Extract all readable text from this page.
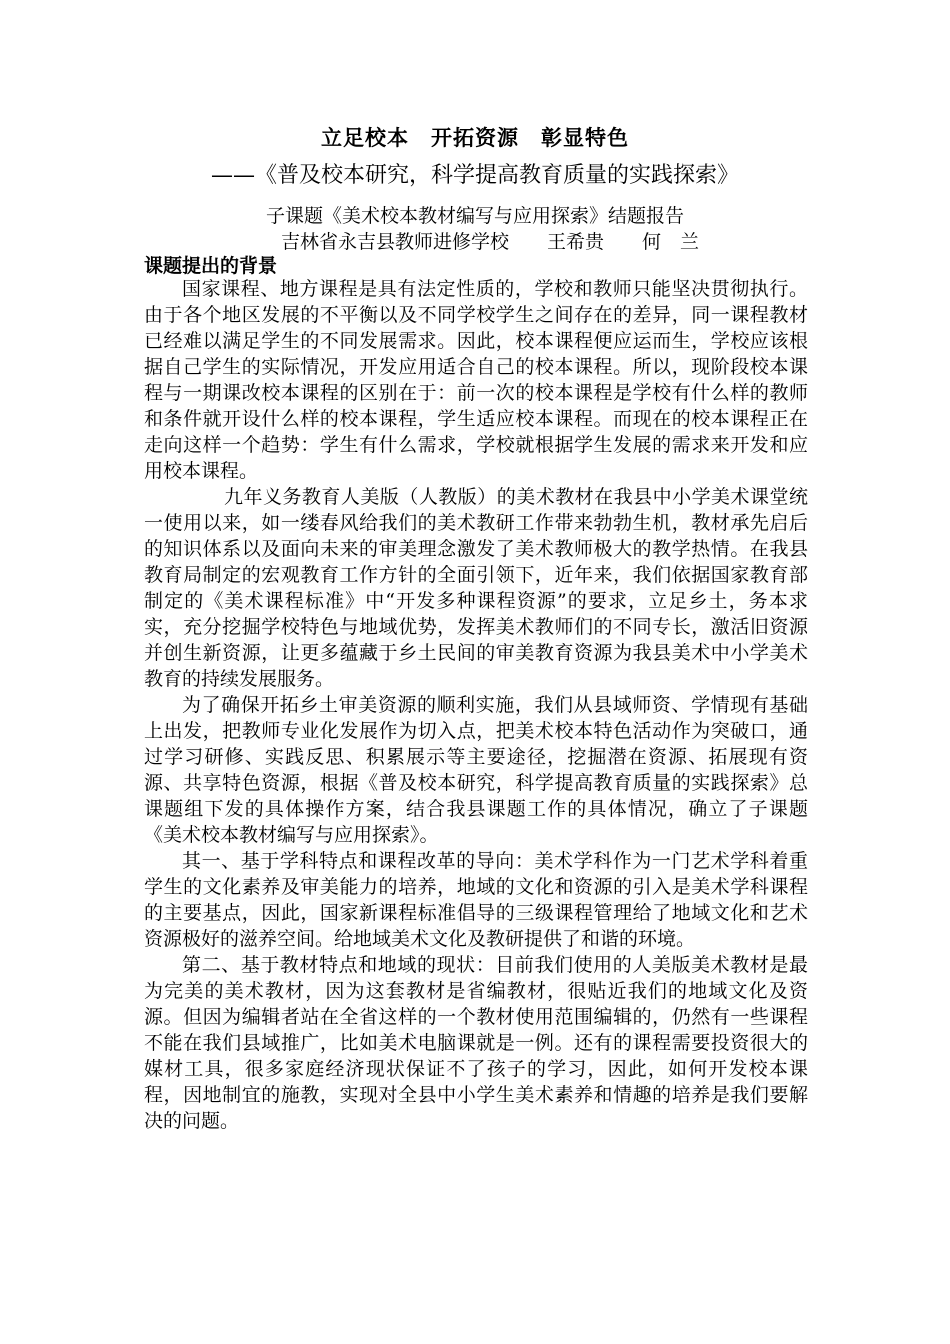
立足校本　开拓资源　彰显特色
——《普及校本研究，科学提高教育质量的实践探索》
子课题《美术校本教材编写与应用探索》结题报告
吉林省永吉县教师进修学校　　王希贵　　何　兰
课题提出的背景

国家课程、地方课程是具有法定性质的，学校和教师只能坚决贯彻执行。由于各个地区发展的不平衡以及不同学校学生之间存在的差异，同一课程教材已经难以满足学生的不同发展需求。因此，校本课程便应运而生，学校应该根据自己学生的实际情况，开发应用适合自己的校本课程。所以，现阶段校本课程与一期课改校本课程的区别在于：前一次的校本课程是学校有什么样的教师和条件就开设什么样的校本课程，学生适应校本课程。而现在的校本课程正在走向这样一个趋势：学生有什么需求，学校就根据学生发展的需求来开发和应用校本课程。

九年义务教育人美版（人教版）的美术教材在我县中小学美术课堂统一使用以来，如一缕春风给我们的美术教研工作带来勃勃生机，教材承先启后的知识体系以及面向未来的审美理念激发了美术教师极大的教学热情。在我县教育局制定的宏观教育工作方针的全面引领下，近年来，我们依据国家教育部制定的《美术课程标准》中“开发多种课程资源”的要求，立足乡土，务本求实，充分挖掘学校特色与地域优势，发挥美术教师们的不同专长，激活旧资源并创生新资源，让更多蕴藏于乡土民间的审美教育资源为我县美术中小学美术教育的持续发展服务。

为了确保开拓乡土审美资源的顺利实施，我们从县域师资、学情现有基础上出发，把教师专业化发展作为切入点，把美术校本特色活动作为突破口，通过学习研修、实践反思、积累展示等主要途径，挖掘潜在资源、拓展现有资源、共享特色资源，根据《普及校本研究，科学提高教育质量的实践探索》总课题组下发的具体操作方案，结合我县课题工作的具体情况，确立了子课题《美术校本教材编写与应用探索》。

其一、基于学科特点和课程改革的导向：美术学科作为一门艺术学科着重学生的文化素养及审美能力的培养，地域的文化和资源的引入是美术学科课程的主要基点，因此，国家新课程标准倡导的三级课程管理给了地域文化和艺术资源极好的滋养空间。给地域美术文化及教研提供了和谐的环境。

第二、基于教材特点和地域的现状：目前我们使用的人美版美术教材是最为完美的美术教材，因为这套教材是省编教材，很贴近我们的地域文化及资源。但因为编辑者站在全省这样的一个教材使用范围编辑的，仍然有一些课程不能在我们县域推广，比如美术电脑课就是一例。还有的课程需要投资很大的媒材工具，很多家庭经济现状保证不了孩子的学习，因此，如何开发校本课程，因地制宜的施教，实现对全县中小学生美术素养和情趣的培养是我们要解决的问题。
